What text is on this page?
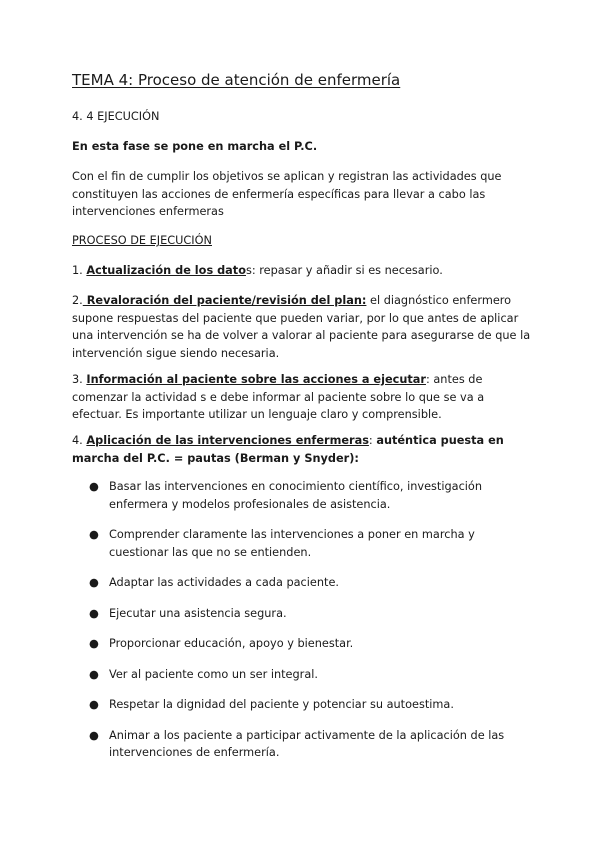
TEMA 4: Proceso de atención de enfermería

4. 4 EJECUCIÓN

En esta fase se pone en marcha el P.C.

Con el fin de cumplir los objetivos se aplican y registran las actividades que constituyen las acciones de enfermería específicas para llevar a cabo las intervenciones enfermeras

PROCESO DE EJECUCIÓN

1. Actualización de los datos: repasar y añadir si es necesario.

2. Revaloración del paciente/revisión del plan: el diagnóstico enfermero supone respuestas del paciente que pueden variar, por lo que antes de aplicar una intervención se ha de volver a valorar al paciente para asegurarse de que la intervención sigue siendo necesaria.

3. Información al paciente sobre las acciones a ejecutar: antes de comenzar la actividad s e debe informar al paciente sobre lo que se va a efectuar. Es importante utilizar un lenguaje claro y comprensible.

4. Aplicación de las intervenciones enfermeras: auténtica puesta en marcha del P.C. = pautas (Berman y Snyder):

● Basar las intervenciones en conocimiento científico, investigación enfermera y modelos profesionales de asistencia.
● Comprender claramente las intervenciones a poner en marcha y cuestionar las que no se entienden.
● Adaptar las actividades a cada paciente.
● Ejecutar una asistencia segura.
● Proporcionar educación, apoyo y bienestar.
● Ver al paciente como un ser integral.
● Respetar la dignidad del paciente y potenciar su autoestima.
● Animar a los paciente a participar activamente de la aplicación de las intervenciones de enfermería.
